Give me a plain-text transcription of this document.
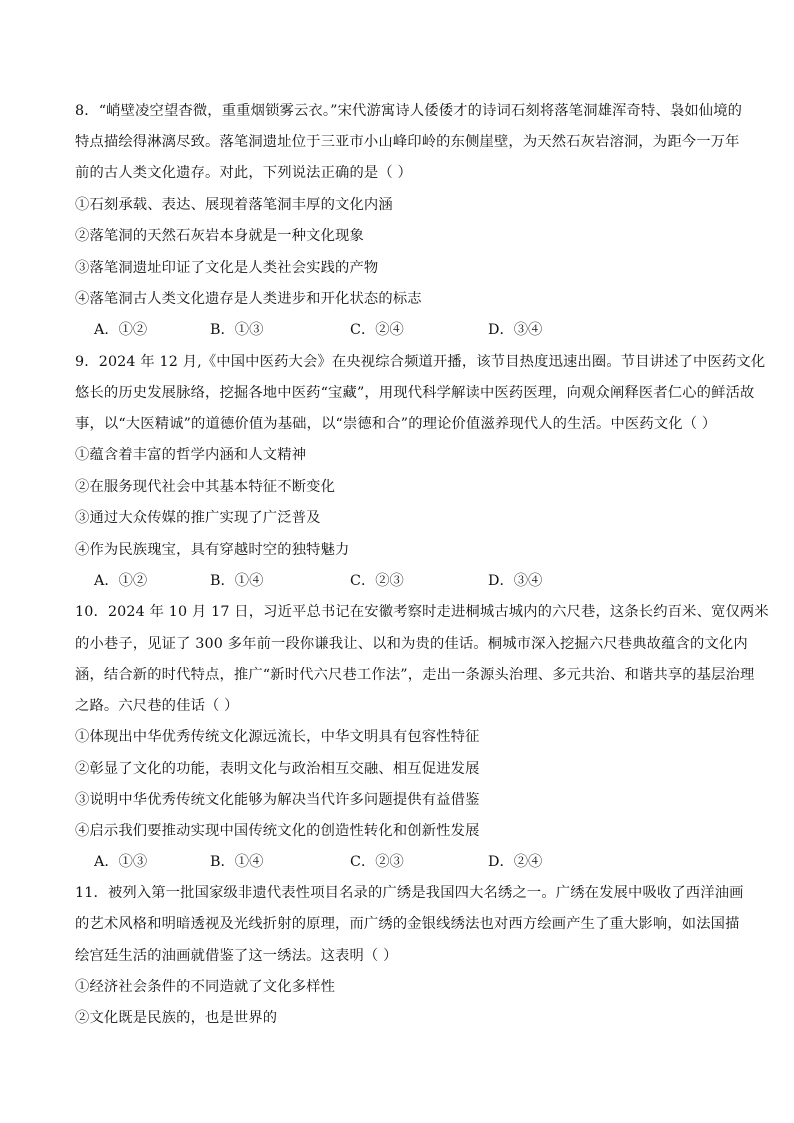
8．“峭壁凌空望杳微，重重烟锁雾云衣。”宋代游寓诗人倭倭才的诗词石刻将落笔洞雄浑奇特、袅如仙境的
特点描绘得淋漓尽致。落笔洞遗址位于三亚市小山峰印岭的东侧崖壁，为天然石灰岩溶洞，为距今一万年
前的古人类文化遗存。对此，下列说法正确的是（ ）
①石刻承载、表达、展现着落笔洞丰厚的文化内涵
②落笔洞的天然石灰岩本身就是一种文化现象
③落笔洞遗址印证了文化是人类社会实践的产物
④落笔洞古人类文化遗存是人类进步和开化状态的标志
A．①②	B．①③	C．②④	D．③④
9．2024 年 12 月,《中国中医药大会》在央视综合频道开播，该节目热度迅速出圈。节目讲述了中医药文化
悠长的历史发展脉络，挖掘各地中医药“宝藏”，用现代科学解读中医药医理，向观众阐释医者仁心的鲜活故
事，以“大医精诚”的道德价值为基础，以“崇德和合”的理论价值滋养现代人的生活。中医药文化（ ）
①蕴含着丰富的哲学内涵和人文精神
②在服务现代社会中其基本特征不断变化
③通过大众传媒的推广实现了广泛普及
④作为民族瑰宝，具有穿越时空的独特魅力
A．①②	B．①④	C．②③	D．③④
10．2024 年 10 月 17 日，习近平总书记在安徽考察时走进桐城古城内的六尺巷，这条长约百米、宽仅两米
的小巷子，见证了 300 多年前一段你谦我让、以和为贵的佳话。桐城市深入挖掘六尺巷典故蕴含的文化内
涵，结合新的时代特点，推广“新时代六尺巷工作法”，走出一条源头治理、多元共治、和谐共享的基层治理
之路。六尺巷的佳话（ ）
①体现出中华优秀传统文化源远流长，中华文明具有包容性特征
②彰显了文化的功能，表明文化与政治相互交融、相互促进发展
③说明中华优秀传统文化能够为解决当代许多问题提供有益借鉴
④启示我们要推动实现中国传统文化的创造性转化和创新性发展
A．①③	B．①④	C．②③	D．②④
11．被列入第一批国家级非遗代表性项目名录的广绣是我国四大名绣之一。广绣在发展中吸收了西洋油画
的艺术风格和明暗透视及光线折射的原理，而广绣的金银线绣法也对西方绘画产生了重大影响，如法国描
绘宫廷生活的油画就借鉴了这一绣法。这表明（ ）
①经济社会条件的不同造就了文化多样性
②文化既是民族的，也是世界的
